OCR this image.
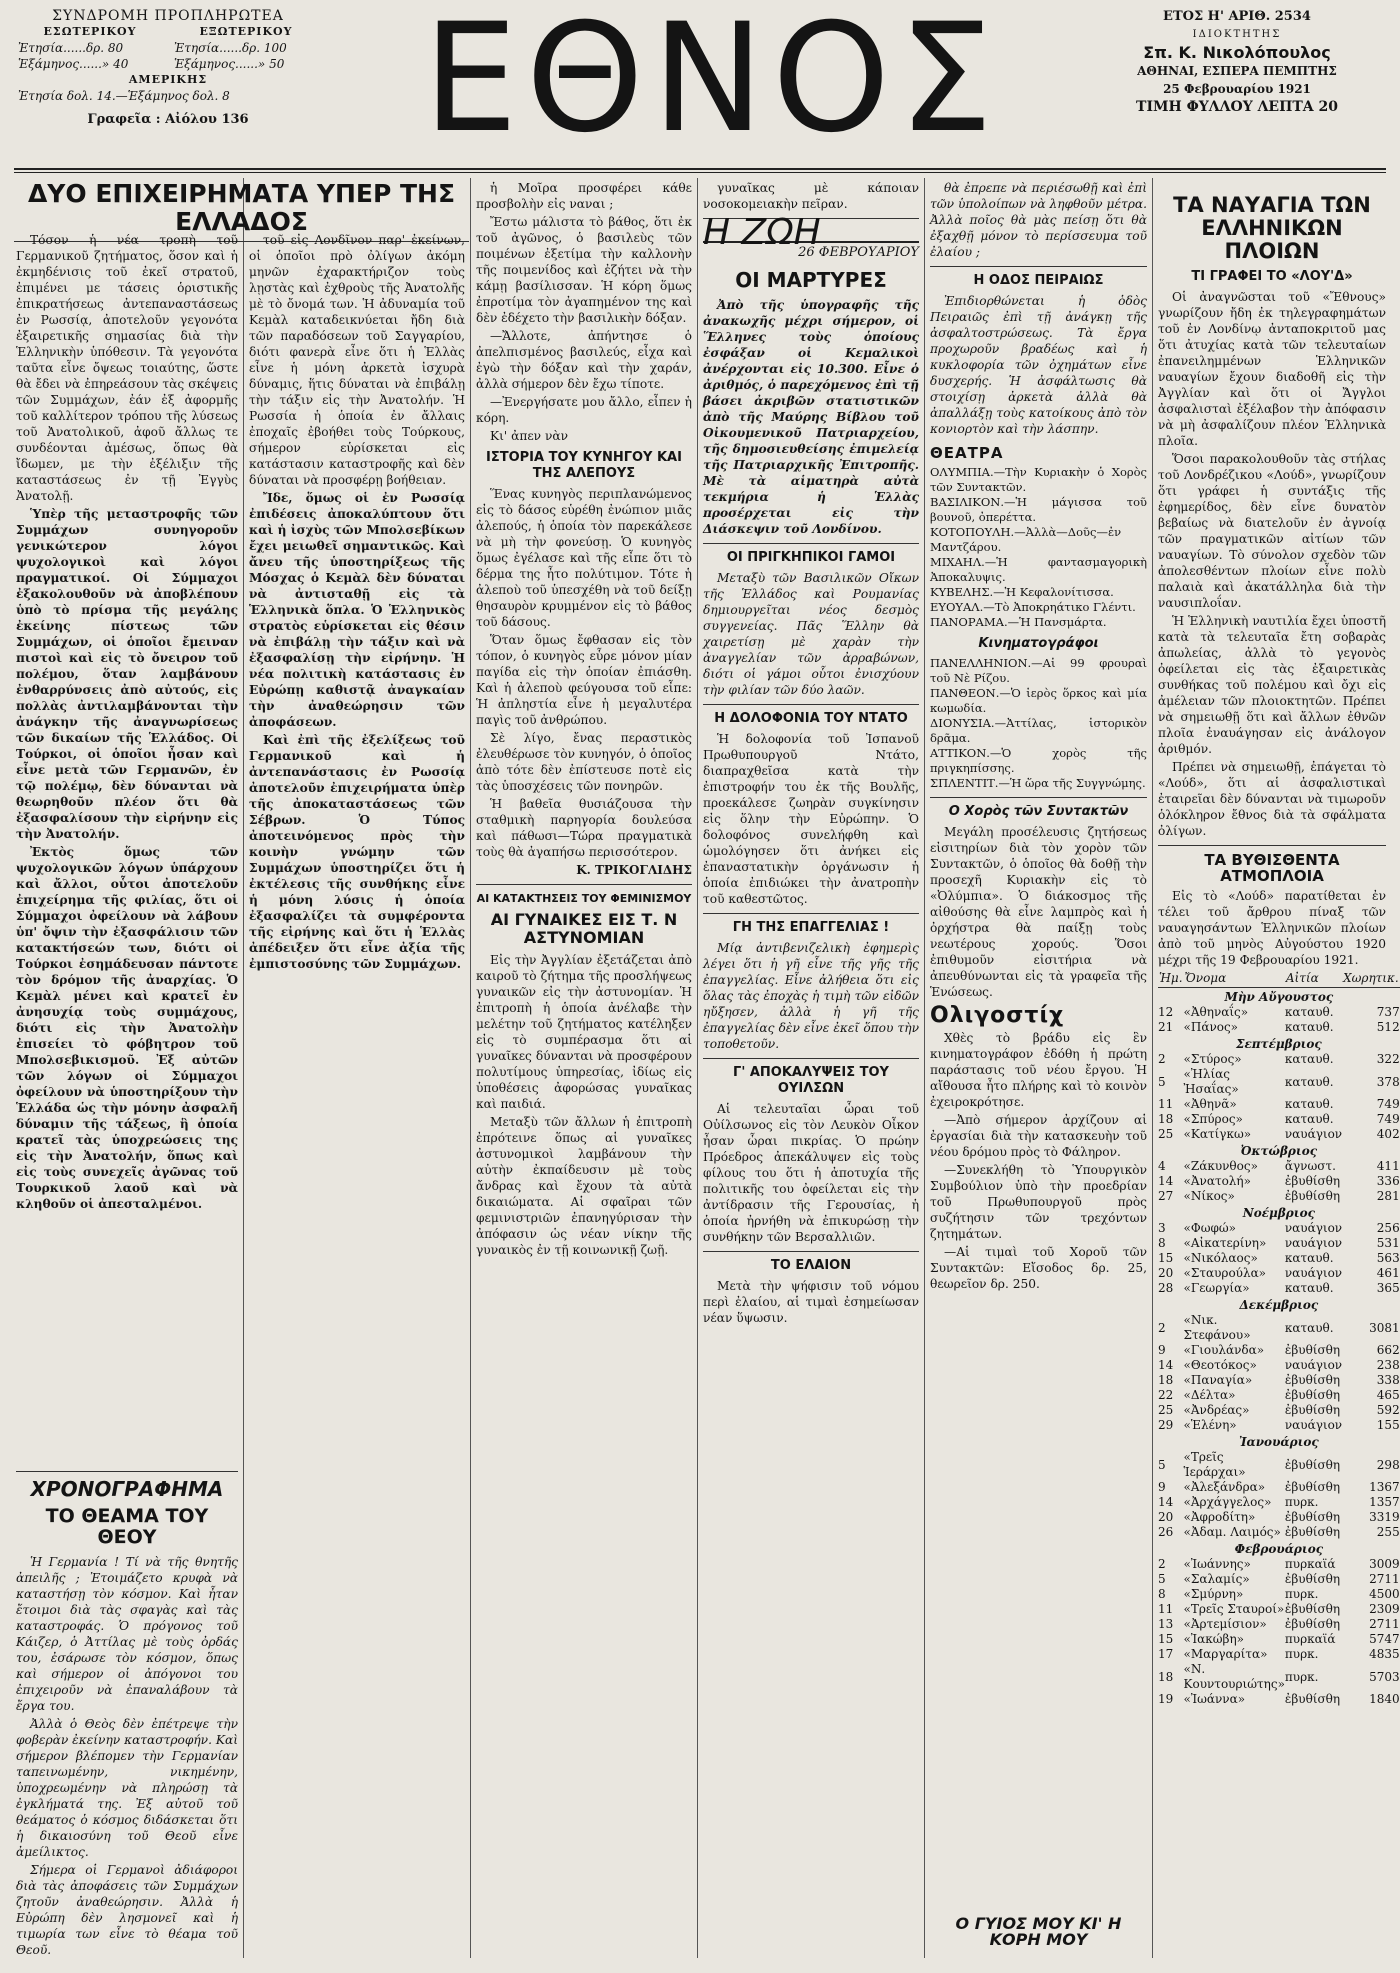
ΣΥΝΔΡΟΜΗ ΠΡΟΠΛΗΡΩΤΕΑ
ΕΣΩΤΕΡΙΚΟΥ
Ἐτησία......δρ. 80
Ἑξάμηνος......» 40
ΕΞΩΤΕΡΙΚΟΥ
Ἐτησία......δρ. 100
Ἑξάμηνος......» 50
ΑΜΕΡΙΚΗΣ
Ἐτησία δολ. 14.—Ἑξάμηνος δολ. 8
Γραφεῖα : Αἰόλου 136	ΕΘΝΟΣ	ΕΤΟΣ Η' ΑΡΙΘ. 2534
ΙΔΙΟΚΤΗΤΗΣ
Σπ. Κ. Νικολόπουλος
ΑΘΗΝΑΙ, ΕΣΠΕΡΑ ΠΕΜΠΤΗΣ
25 Φεβρουαρίου 1921
ΤΙΜΗ ΦΥΛΛΟΥ ΛΕΠΤΑ 20
ΔΥΟ ΕΠΙΧΕΙΡΗΜΑΤΑ ΥΠΕΡ ΤΗΣ ΕΛΛΑΔΟΣ

Τόσον ἡ νέα τροπὴ τοῦ Γερμανικοῦ ζητήματος, ὅσον καὶ ἡ ἐκμηδένισις τοῦ ἐκεῖ στρατοῦ, ἐπιμένει με τάσεις ὁριστικῆς ἐπικρατήσεως ἀντεπαναστάσεως ἐν Ρωσσίᾳ, ἀποτελοῦν γεγονότα ἐξαιρετικῆς σημασίας διὰ τὴν Ἑλληνικὴν ὑπόθεσιν. Τὰ γεγονότα ταῦτα εἶνε ὄψεως τοιαύτης, ὥστε θὰ ἔδει νὰ ἐπηρεάσουν τὰς σκέψεις τῶν Συμμάχων, ἐάν ἐξ ἀφορμῆς τοῦ καλλίτερον τρόπου τῆς λύσεως τοῦ Ἀνατολικοῦ, ἀφοῦ ἄλλως τε συνδέονται ἀμέσως, ὅπως θὰ ἴδωμεν, με τὴν ἐξέλιξιν τῆς καταστάσεως ἐν τῇ Ἐγγὺς Ἀνατολῇ.

Ὑπὲρ τῆς μεταστροφῆς τῶν Συμμάχων συνηγοροῦν γενικώτερον λόγοι ψυχολογικοὶ καὶ λόγοι πραγματικοί. Οἱ Σύμμαχοι ἐξακολουθοῦν νὰ ἀποβλέπουν ὑπὸ τὸ πρίσμα τῆς μεγάλης ἐκείνης πίστεως τῶν Συμμάχων, οἱ ὁποῖοι ἔμειναν πιστοὶ καὶ εἰς τὸ ὄνειρον τοῦ πολέμου, ὅταν λαμβάνουν ἐνθαρρύνσεις ἀπὸ αὐτούς, εἰς πολλὰς ἀντιλαμβάνονται τὴν ἀνάγκην τῆς ἀναγνωρίσεως τῶν δικαίων τῆς Ἑλλάδος. Οἱ Τούρκοι, οἱ ὁποῖοι ἦσαν καὶ εἶνε μετὰ τῶν Γερμανῶν, ἐν τῷ πολέμῳ, δὲν δύνανται νὰ θεωρηθοῦν πλέον ὅτι θὰ ἐξασφαλίσουν τὴν εἰρήνην εἰς τὴν Ἀνατολήν.

Ἐκτὸς ὅμως τῶν ψυχολογικῶν λόγων ὑπάρχουν καὶ ἄλλοι, οὗτοι ἀποτελοῦν ἐπιχείρημα τῆς φιλίας, ὅτι οἱ Σύμμαχοι ὀφείλουν νὰ λάβουν ὑπ' ὄψιν τὴν ἐξασφάλισιν τῶν κατακτήσεών των, διότι οἱ Τούρκοι ἐσημάδευσαν πάντοτε τὸν δρόμον τῆς ἀναρχίας. Ὁ Κεμὰλ μένει καὶ κρατεῖ ἐν ἀνησυχίᾳ τοὺς συμμάχους, διότι εἰς τὴν Ἀνατολὴν ἐπισείει τὸ φόβητρον τοῦ Μπολσεβικισμοῦ. Ἐξ αὐτῶν τῶν λόγων οἱ Σύμμαχοι ὀφείλουν νὰ ὑποστηρίξουν τὴν Ἑλλάδα ὡς τὴν μόνην ἀσφαλῆ δύναμιν τῆς τάξεως, ἣ ὁποία κρατεῖ τὰς ὑποχρεώσεις της εἰς τὴν Ἀνατολήν, ὅπως καὶ εἰς τοὺς συνεχεῖς ἀγῶνας τοῦ Τουρκικοῦ λαοῦ καὶ νὰ κληθοῦν οἱ ἀπεσταλμένοι.

τοῦ εἰς Λονδῖνον παρ' ἐκείνων, οἱ ὁποῖοι πρὸ ὀλίγων ἀκόμη μηνῶν ἐχαρακτήριζον τοὺς λῃστὰς καὶ ἐχθροὺς τῆς Ἀνατολῆς μὲ τὸ ὄνομά των. Ἡ ἀδυναμία τοῦ Κεμὰλ καταδεικνύεται ἤδη διὰ τῶν παραδόσεων τοῦ Σαγγαρίου, διότι φανερὰ εἶνε ὅτι ἡ Ἑλλὰς εἶνε ἡ μόνη ἀρκετὰ ἰσχυρὰ δύναμις, ἥτις δύναται νὰ ἐπιβάλῃ τὴν τάξιν εἰς τὴν Ἀνατολήν. Ἡ Ρωσσία ἡ ὁποία ἐν ἄλλαις ἐποχαῖς ἐβοήθει τοὺς Τούρκους, σήμερον εὑρίσκεται εἰς κατάστασιν καταστροφῆς καὶ δὲν δύναται νὰ προσφέρῃ βοήθειαν.

Ἴδε, ὅμως οἱ ἐν Ρωσσίᾳ ἐπιδέσεις ἀποκαλύπτουν ὅτι καὶ ἡ ἰσχὺς τῶν Μπολσεβίκων ἔχει μειωθεῖ σημαντικῶς. Καὶ ἄνευ τῆς ὑποστηρίξεως τῆς Μόσχας ὁ Κεμὰλ δὲν δύναται νὰ ἀντισταθῇ εἰς τὰ Ἑλληνικὰ ὅπλα. Ὁ Ἑλληνικὸς στρατὸς εὑρίσκεται εἰς θέσιν νὰ ἐπιβάλῃ τὴν τάξιν καὶ νὰ ἐξασφαλίσῃ τὴν εἰρήνην. Ἡ νέα πολιτικὴ κατάστασις ἐν Εὐρώπῃ καθιστᾷ ἀναγκαίαν τὴν ἀναθεώρησιν τῶν ἀποφάσεων.

Καὶ ἐπὶ τῆς ἐξελίξεως τοῦ Γερμανικοῦ καὶ ἡ ἀντεπανάστασις ἐν Ρωσσίᾳ ἀποτελοῦν ἐπιχειρήματα ὑπὲρ τῆς ἀποκαταστάσεως τῶν Σέβρων. Ὁ Τύπος ἀποτεινόμενος πρὸς τὴν κοινὴν γνώμην τῶν Συμμάχων ὑποστηρίζει ὅτι ἡ ἐκτέλεσις τῆς συνθήκης εἶνε ἡ μόνη λύσις ἡ ὁποία ἐξασφαλίζει τὰ συμφέροντα τῆς εἰρήνης καὶ ὅτι ἡ Ἑλλὰς ἀπέδειξεν ὅτι εἶνε ἀξία τῆς ἐμπιστοσύνης τῶν Συμμάχων.

ΧΡΟΝΟΓΡΑΦΗΜΑ
ΤΟ ΘΕΑΜΑ ΤΟΥ ΘΕΟΥ

Ἡ Γερμανία ! Τί νὰ τῆς θνητῆς ἀπειλῆς ; Ἐτοιμάζετο κρυφὰ νὰ καταστήσῃ τὸν κόσμον. Καὶ ἦταν ἔτοιμοι διὰ τὰς σφαγὰς καὶ τὰς καταστροφάς. Ὁ πρόγονος τοῦ Κάιζερ, ὁ Ἀττίλας μὲ τοὺς ὀρδάς του, ἐσάρωσε τὸν κόσμον, ὅπως καὶ σήμερον οἱ ἀπόγονοι του ἐπιχειροῦν νὰ ἐπαναλάβουν τὰ ἔργα του.

Ἀλλὰ ὁ Θεὸς δὲν ἐπέτρεψε τὴν φοβερὰν ἐκείνην καταστροφήν. Καὶ σήμερον βλέπομεν τὴν Γερμανίαν ταπεινωμένην, νικημένην, ὑποχρεωμένην νὰ πληρώσῃ τὰ ἐγκλήματά της. Ἐξ αὐτοῦ τοῦ θεάματος ὁ κόσμος διδάσκεται ὅτι ἡ δικαιοσύνη τοῦ Θεοῦ εἶνε ἀμείλικτος.

Σήμερα οἱ Γερμανοὶ ἀδιάφοροι διὰ τὰς ἀποφάσεις τῶν Συμμάχων ζητοῦν ἀναθεώρησιν. Ἀλλὰ ἡ Εὐρώπη δὲν λησμονεῖ καὶ ἡ τιμωρία των εἶνε τὸ θέαμα τοῦ Θεοῦ.

ἡ Μοῖρα προσφέρει κάθε προσβολὴν εἰς ναναι ;

Ἔστω μάλιστα τὸ βάθος, ὅτι ἐκ τοῦ ἀγῶνος, ὁ βασιλεὺς τῶν ποιμένων ἐξετίμα τὴν καλλονὴν τῆς ποιμενίδος καὶ ἐζήτει νὰ τὴν κάμῃ βασίλισσαν. Ἡ κόρη ὅμως ἐπροτίμα τὸν ἀγαπημένον της καὶ δὲν ἐδέχετο τὴν βασιλικὴν δόξαν.

—Ἄλλοτε, ἀπήντησε ὁ ἀπελπισμένος βασιλεύς, εἶχα καὶ ἐγὼ τὴν δόξαν καὶ τὴν χαράν, ἀλλὰ σήμερον δὲν ἔχω τίποτε.

—Ἐνεργήσατε μου ἄλλο, εἶπεν ἡ κόρη.

Κι' ἀπεν νὰν

ΙΣΤΟΡΙΑ ΤΟΥ ΚΥΝΗΓΟΥ ΚΑΙ ΤΗΣ ΑΛΕΠΟΥΣ

Ἕνας κυνηγὸς περιπλανώμενος εἰς τὸ δάσος εὑρέθη ἐνώπιον μιᾶς ἀλεπούς, ἡ ὁποία τὸν παρεκάλεσε νὰ μὴ τὴν φονεύσῃ. Ὁ κυνηγὸς ὅμως ἐγέλασε καὶ τῆς εἶπε ὅτι τὸ δέρμα της ἦτο πολύτιμον. Τότε ἡ ἀλεποὺ τοῦ ὑπεσχέθη νὰ τοῦ δείξῃ θησαυρὸν κρυμμένον εἰς τὸ βάθος τοῦ δάσους.

Ὅταν ὅμως ἔφθασαν εἰς τὸν τόπον, ὁ κυνηγὸς εὗρε μόνον μίαν παγίδα εἰς τὴν ὁποίαν ἐπιάσθη. Καὶ ἡ ἀλεποὺ φεύγουσα τοῦ εἶπε: Ἡ ἀπληστία εἶνε ἡ μεγαλυτέρα παγὶς τοῦ ἀνθρώπου.

Σὲ λίγο, ἔνας περαστικὸς ἐλευθέρωσε τὸν κυνηγόν, ὁ ὁποῖος ἀπὸ τότε δὲν ἐπίστευσε ποτὲ εἰς τὰς ὑποσχέσεις τῶν πονηρῶν.

Ἡ βαθεῖα θυσιάζουσα τὴν σταθμικὴ παρηγορία δουλεύσα καὶ πάθωσι—Τώρα πραγματικὰ τοὺς θὰ ἀγαπήσω περισσότερον.

Κ. ΤΡΙΚΟΓΛΙΔΗΣ
ΑΙ ΚΑΤΑΚΤΗΣΕΙΣ ΤΟΥ ΦΕΜΙΝΙΣΜΟΥ
ΑΙ ΓΥΝΑΙΚΕΣ ΕΙΣ Τ. Ν ΑΣΤΥΝΟΜΙΑΝ

Εἰς τὴν Ἀγγλίαν ἐξετάζεται ἀπὸ καιροῦ τὸ ζήτημα τῆς προσλήψεως γυναικῶν εἰς τὴν ἀστυνομίαν. Ἡ ἐπιτροπὴ ἡ ὁποία ἀνέλαβε τὴν μελέτην τοῦ ζητήματος κατέληξεν εἰς τὸ συμπέρασμα ὅτι αἱ γυναῖκες δύνανται νὰ προσφέρουν πολυτίμους ὑπηρεσίας, ἰδίως εἰς ὑποθέσεις ἀφορώσας γυναῖκας καὶ παιδιά.

Μεταξὺ τῶν ἄλλων ἡ ἐπιτροπὴ ἐπρότεινε ὅπως αἱ γυναῖκες ἀστυνομικοὶ λαμβάνουν τὴν αὐτὴν ἐκπαίδευσιν μὲ τοὺς ἄνδρας καὶ ἔχουν τὰ αὐτὰ δικαιώματα. Αἱ σφαῖραι τῶν φεμινιστριῶν ἐπανηγύρισαν τὴν ἀπόφασιν ὡς νέαν νίκην τῆς γυναικὸς ἐν τῇ κοινωνικῇ ζωῇ.

γυναῖκας μὲ κάποιαν νοσοκομειακὴν πεῖραν.

Η ΖΩΗ
26 ΦΕΒΡΟΥΑΡΙΟΥ
ΟΙ ΜΑΡΤΥΡΕΣ

Ἀπὸ τῆς ὑπογραφῆς τῆς ἀνακωχῆς μέχρι σήμερον, οἱ Ἕλληνες τοὺς ὁποίους ἐσφάξαν οἱ Κεμαλικοὶ ἀνέρχονται εἰς 10.300. Εἶνε ὁ ἀριθμός, ὁ παρεχόμενος ἐπὶ τῇ βάσει ἀκριβῶν στατιστικῶν ἀπὸ τῆς Μαύρης Βίβλου τοῦ Οἰκουμενικοῦ Πατριαρχείου, τῆς δημοσιευθείσης ἐπιμελείᾳ τῆς Πατριαρχικῆς Ἐπιτροπῆς. Μὲ τὰ αἱματηρὰ αὐτὰ τεκμήρια ἡ Ἑλλὰς προσέρχεται εἰς τὴν Διάσκεψιν τοῦ Λονδίνου.

ΟΙ ΠΡΙΓΚΗΠΙΚΟΙ ΓΑΜΟΙ

Μεταξὺ τῶν Βασιλικῶν Οἴκων τῆς Ἑλλάδος καὶ Ρουμανίας δημιουργεῖται νέος δεσμὸς συγγενείας. Πᾶς Ἕλλην θὰ χαιρετίσῃ μὲ χαρὰν τὴν ἀναγγελίαν τῶν ἀρραβώνων, διότι οἱ γάμοι οὗτοι ἐνισχύουν τὴν φιλίαν τῶν δύο λαῶν.

Η ΔΟΛΟΦΟΝΙΑ ΤΟΥ ΝΤΑΤΟ

Ἡ δολοφονία τοῦ Ἰσπανοῦ Πρωθυπουργοῦ Ντάτο, διαπραχθεῖσα κατὰ τὴν ἐπιστροφήν του ἐκ τῆς Βουλῆς, προεκάλεσε ζωηρὰν συγκίνησιν εἰς ὅλην τὴν Εὐρώπην. Ὁ δολοφόνος συνελήφθη καὶ ὡμολόγησεν ὅτι ἀνήκει εἰς ἐπαναστατικὴν ὀργάνωσιν ἡ ὁποία ἐπιδιώκει τὴν ἀνατροπὴν τοῦ καθεστῶτος.

ΓΗ ΤΗΣ ΕΠΑΓΓΕΛΙΑΣ !

Μίᾳ ἀντιβενιζελικὴ ἐφημερὶς λέγει ὅτι ἡ γῆ εἶνε τῆς γῆς τῆς ἐπαγγελίας. Εἶνε ἀλήθεια ὅτι εἰς ὅλας τὰς ἐποχὰς ἡ τιμὴ τῶν εἰδῶν ηὔξησεν, ἀλλὰ ἡ γῆ τῆς ἐπαγγελίας δὲν εἶνε ἐκεῖ ὅπου τὴν τοποθετοῦν.

Γ' ΑΠΟΚΑΛΥΨΕΙΣ ΤΟΥ ΟΥΙΛΣΩΝ

Αἱ τελευταῖαι ὧραι τοῦ Οὐίλσωνος εἰς τὸν Λευκὸν Οἶκον ἦσαν ὧραι πικρίας. Ὁ πρώην Πρόεδρος ἀπεκάλυψεν εἰς τοὺς φίλους του ὅτι ἡ ἀποτυχία τῆς πολιτικῆς του ὀφείλεται εἰς τὴν ἀντίδρασιν τῆς Γερουσίας, ἡ ὁποία ἠρνήθη νὰ ἐπικυρώσῃ τὴν συνθήκην τῶν Βερσαλλιῶν.

ΤΟ ΕΛΑΙΟΝ

Μετὰ τὴν ψήφισιν τοῦ νόμου περὶ ἐλαίου, αἱ τιμαὶ ἐσημείωσαν νέαν ὕψωσιν.

θὰ ἐπρεπε νὰ περιέσωθῇ καὶ ἐπὶ τῶν ὑπολοίπων νὰ ληφθοῦν μέτρα. Ἀλλὰ ποῖος θὰ μὰς πείσῃ ὅτι θὰ ἐξαχθῇ μόνον τὸ περίσσευμα τοῦ ἐλαίου ;

Η ΟΔΟΣ ΠΕΙΡΑΙΩΣ

Ἐπιδιορθώνεται ἡ ὁδὸς Πειραιῶς ἐπὶ τῇ ἀνάγκῃ τῆς ἀσφαλτοστρώσεως. Τὰ ἔργα προχωροῦν βραδέως καὶ ἡ κυκλοφορία τῶν ὀχημάτων εἶνε δυσχερής. Ἡ ἀσφάλτωσις θὰ στοιχίσῃ ἀρκετὰ ἀλλὰ θὰ ἀπαλλάξῃ τοὺς κατοίκους ἀπὸ τὸν κονιορτὸν καὶ τὴν λάσπην.

ΘΕΑΤΡΑ
ΟΛΥΜΠΙΑ.—Τὴν Κυριακὴν ὁ Χορὸς τῶν Συντακτῶν.
ΒΑΣΙΛΙΚΟΝ.—Ἡ μάγισσα τοῦ βουνοῦ, ὀπερέττα.
ΚΟΤΟΠΟΥΛΗ.—Ἀλλὰ—Δοῦς—ἐν Μαντζάρου.
ΜΙΧΑΗΛ.—Ἡ φαντασμαγορικὴ Ἀποκαλυψις.
ΚΥΒΕΛΗΣ.—Ἡ Κεφαλονίτισσα.
ΕΥΟΥΑΛ.—Τὸ Ἀποκρηάτικο Γλέντι.
ΠΑΝΟΡΑΜΑ.—Ἡ Πανσμάρτα.
Κινηματογράφοι
ΠΑΝΕΛΛΗΝΙΟΝ.—Αἱ 99 φρουραὶ τοῦ Νὲ Ρίζου.
ΠΑΝΘΕΟΝ.—Ὁ ἱερὸς ὅρκος καὶ μία κωμωδία.
ΔΙΟΝΥΣΙΑ.—Ἀττίλας, ἱστορικὸν δρᾶμα.
ΑΤΤΙΚΟΝ.—Ὁ χορὸς τῆς πριγκηπίσσης.
ΣΠΛΕΝΤΙΤ.—Ἡ ὥρα τῆς Συγγνώμης.
Ο Χορὸς τῶν Συντακτῶν

Μεγάλη προσέλευσις ζητήσεως εἰσιτηρίων διὰ τὸν χορὸν τῶν Συντακτῶν, ὁ ὁποῖος θὰ δοθῇ τὴν προσεχῆ Κυριακὴν εἰς τὸ «Ὀλύμπια». Ὁ διάκοσμος τῆς αἰθούσης θὰ εἶνε λαμπρὸς καὶ ἡ ὀρχήστρα θὰ παίξῃ τοὺς νεωτέρους χορούς. Ὅσοι ἐπιθυμοῦν εἰσιτήρια νὰ ἀπευθύνωνται εἰς τὰ γραφεῖα τῆς Ἑνώσεως.

Ολιγοστίχ

Χθὲς τὸ βράδυ εἰς ἓν κινηματογράφον ἐδόθη ἡ πρώτη παράστασις τοῦ νέου ἔργου. Ἡ αἴθουσα ἦτο πλήρης καὶ τὸ κοινὸν ἐχειροκρότησε.

—Ἀπὸ σήμερον ἀρχίζουν αἱ ἐργασίαι διὰ τὴν κατασκευὴν τοῦ νέου δρόμου πρὸς τὸ Φάληρον.

—Συνεκλήθη τὸ Ὑπουργικὸν Συμβούλιον ὑπὸ τὴν προεδρίαν τοῦ Πρωθυπουργοῦ πρὸς συζήτησιν τῶν τρεχόντων ζητημάτων.

—Αἱ τιμαὶ τοῦ Χοροῦ τῶν Συντακτῶν: Εἴσοδος δρ. 25, θεωρεῖον δρ. 250.

Ο ΓΥΙΟΣ ΜΟΥ ΚΙ' Η ΚΟΡΗ ΜΟΥ
ΤΑ ΝΑΥΑΓΙΑ ΤΩΝ ΕΛΛΗΝΙΚΩΝ ΠΛΟΙΩΝ
ΤΙ ΓΡΑΦΕΙ ΤΟ «ΛΟΥ'Δ»

Οἱ ἀναγνῶσται τοῦ «Ἔθνους» γνωρίζουν ἤδη ἐκ τηλεγραφημάτων τοῦ ἐν Λονδίνῳ ἀνταποκριτοῦ μας ὅτι ἀτυχίας κατὰ τῶν τελευταίων ἐπανειλημμένων Ἑλληνικῶν ναυαγίων ἔχουν διαδοθῆ εἰς τὴν Ἀγγλίαν καὶ ὅτι οἱ Ἄγγλοι ἀσφαλισταὶ ἐξέλαβον τὴν ἀπόφασιν νὰ μὴ ἀσφαλίζουν πλέον Ἑλληνικὰ πλοῖα.

Ὅσοι παρακολουθοῦν τὰς στήλας τοῦ Λονδρέζικου «Λούδ», γνωρίζουν ὅτι γράφει ἡ συντάξις τῆς ἐφημερίδος, δὲν εἶνε δυνατὸν βεβαίως νὰ διατελοῦν ἐν ἀγνοίᾳ τῶν πραγματικῶν αἰτίων τῶν ναυαγίων. Τὸ σύνολον σχεδὸν τῶν ἀπολεσθέντων πλοίων εἶνε πολὺ παλαιὰ καὶ ἀκατάλληλα διὰ τὴν ναυσιπλοΐαν.

Ἡ Ἑλληνικὴ ναυτιλία ἔχει ὑποστῆ κατὰ τὰ τελευταῖα ἔτη σοβαρὰς ἀπωλείας, ἀλλὰ τὸ γεγονὸς ὀφείλεται εἰς τὰς ἐξαιρετικὰς συνθήκας τοῦ πολέμου καὶ ὄχι εἰς ἀμέλειαν τῶν πλοιοκτητῶν. Πρέπει νὰ σημειωθῇ ὅτι καὶ ἄλλων ἐθνῶν πλοῖα ἐναυάγησαν εἰς ἀνάλογον ἀριθμόν.

Πρέπει νὰ σημειωθῇ, ἐπάγεται τὸ «Λούδ», ὅτι αἱ ἀσφαλιστικαὶ ἐταιρεῖαι δὲν δύνανται νὰ τιμωροῦν ὁλόκληρον ἔθνος διὰ τὰ σφάλματα ὀλίγων.

ΤΑ ΒΥΘΙΣΘΕΝΤΑ ΑΤΜΟΠΛΟΙΑ

Εἰς τὸ «Λούδ» παρατίθεται ἐν τέλει τοῦ ἄρθρου πίναξ τῶν ναυαγησάντων Ἑλληνικῶν πλοίων ἀπὸ τοῦ μηνὸς Αὐγούστου 1920 μέχρι τῆς 19 Φεβρουαρίου 1921.

Ἡμ.	Ὄνομα	Αἰτία	Χωρητικ.
Μὴν Αὔγουστος			
12	«Ἀθηναΐς»	καταυθ.	737
21	«Πάνος»	καταυθ.	512
Σεπτέμβριος			
2	«Στύρος»	καταυθ.	322
5	«Ἠλίας Ἠσαΐας»	καταυθ.	378
11	«Ἀθηνᾶ»	καταυθ.	749
18	«Σπύρος»	καταυθ.	749
25	«Κατίγκω»	ναυάγιον	402
Ὀκτώβριος			
4	«Ζάκυνθος»	ἄγνωστ.	411
14	«Ἀνατολή»	ἐβυθίσθη	336
27	«Νίκος»	ἐβυθίσθη	281
Νοέμβριος			
3	«Φωφώ»	ναυάγιον	256
8	«Αἰκατερίνη»	ναυάγιον	531
15	«Νικόλαος»	καταυθ.	563
20	«Σταυρούλα»	ναυάγιον	461
28	«Γεωργία»	καταυθ.	365
Δεκέμβριος			
2	«Νικ. Στεφάνου»	καταυθ.	3081
9	«Γιουλάνδα»	ἐβυθίσθη	662
14	«Θεοτόκος»	ναυάγιον	238
18	«Παναγία»	ἐβυθίσθη	338
22	«Δέλτα»	ἐβυθίσθη	465
25	«Ἀνδρέας»	ἐβυθίσθη	592
29	«Ἑλένη»	ναυάγιον	155
Ἰανουάριος			
5	«Τρεῖς Ἱεράρχαι»	ἐβυθίσθη	298
9	«Ἀλεξάνδρα»	ἐβυθίσθη	1367
14	«Ἀρχάγγελος»	πυρκ.	1357
20	«Ἀφροδίτη»	ἐβυθίσθη	3319
26	«Ἀδαμ. Λαιμός»	ἐβυθίσθη	255
Φεβρουάριος			
2	«Ἰωάννης»	πυρκαϊά	3009
5	«Σαλαμίς»	ἐβυθίσθη	2711
8	«Σμύρνη»	πυρκ.	4500
11	«Τρεῖς Σταυροί»	ἐβυθίσθη	2309
13	«Ἀρτεμίσιον»	ἐβυθίσθη	2711
15	«Ἰακώβη»	πυρκαϊά	5747
17	«Μαργαρίτα»	πυρκ.	4835
18	«Ν. Κουντουριώτης»	πυρκ.	5703
19	«Ἰωάννα»	ἐβυθίσθη	1840
